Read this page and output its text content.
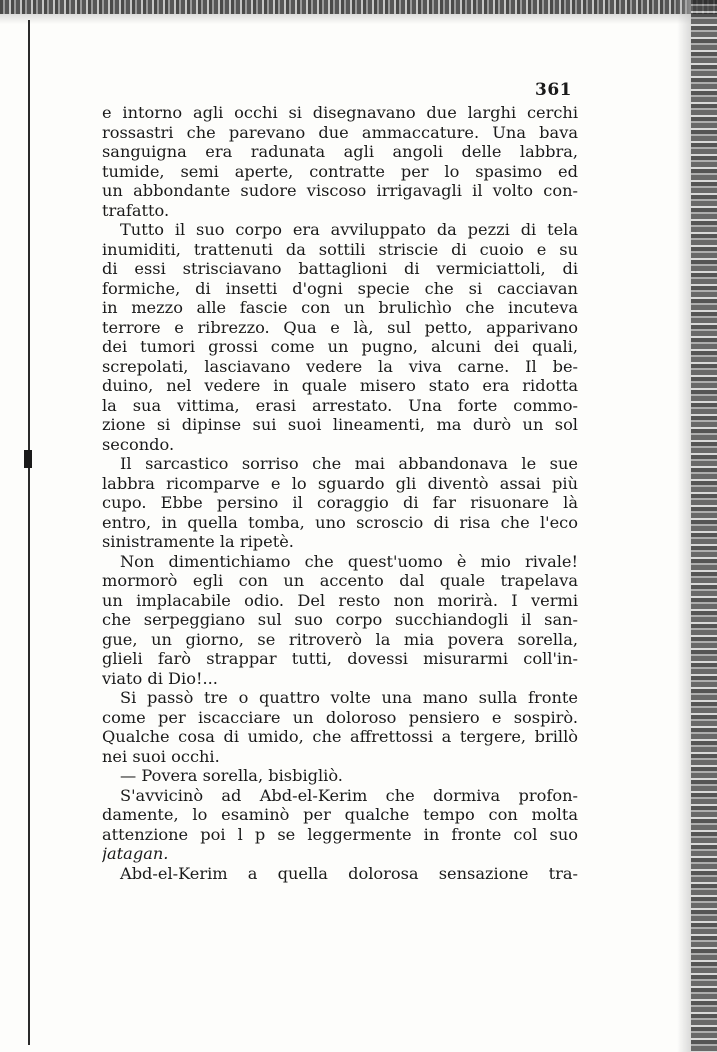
361
e intorno agli occhi si disegnavano due larghi cerchi
rossastri che parevano due ammaccature. Una bava
sanguigna era radunata agli angoli delle labbra,
tumide, semi aperte, contratte per lo spasimo ed
un abbondante sudore viscoso irrigavagli il volto con-
trafatto.
Tutto il suo corpo era avviluppato da pezzi di tela
inumiditi, trattenuti da sottili striscie di cuoio e su
di essi strisciavano battaglioni di vermiciattoli, di
formiche, di insetti d'ogni specie che si cacciavan
in mezzo alle fascie con un brulichìo che incuteva
terrore e ribrezzo. Qua e là, sul petto, apparivano
dei tumori grossi come un pugno, alcuni dei quali,
screpolati, lasciavano vedere la viva carne. Il be-
duino, nel vedere in quale misero stato era ridotta
la sua vittima, erasi arrestato. Una forte commo-
zione si dipinse sui suoi lineamenti, ma durò un sol
secondo.
Il sarcastico sorriso che mai abbandonava le sue
labbra ricomparve e lo sguardo gli diventò assai più
cupo. Ebbe persino il coraggio di far risuonare là
entro, in quella tomba, uno scroscio di risa che l'eco
sinistramente la ripetè.
Non dimentichiamo che quest'uomo è mio rivale!
mormorò egli con un accento dal quale trapelava
un implacabile odio. Del resto non morirà. I vermi
che serpeggiano sul suo corpo succhiandogli il san-
gue, un giorno, se ritroverò la mia povera sorella,
glieli farò strappar tutti, dovessi misurarmi coll'in-
viato di Dio!...
Si passò tre o quattro volte una mano sulla fronte
come per iscacciare un doloroso pensiero e sospirò.
Qualche cosa di umido, che affrettossi a tergere, brillò
nei suoi occhi.
— Povera sorella, bisbigliò.
S'avvicinò ad Abd-el-Kerim che dormiva profon-
damente, lo esaminò per qualche tempo con molta
attenzione poi l p se leggermente in fronte col suo
jatagan.
Abd-el-Kerim a quella dolorosa sensazione tra-
